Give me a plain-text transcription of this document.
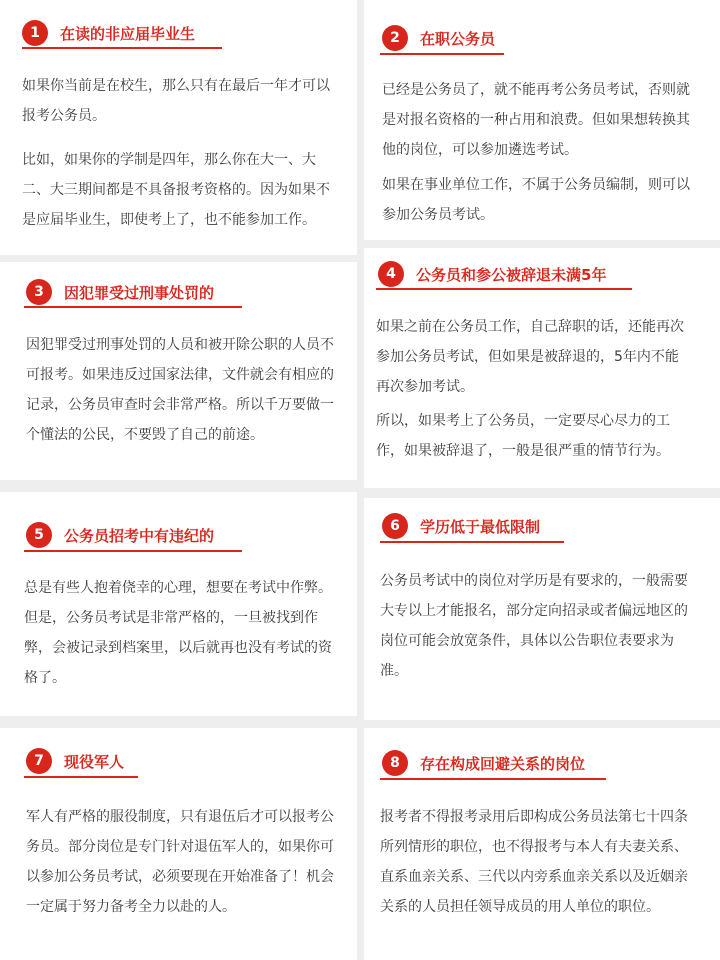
1	在读的非应届毕业生

如果你当前是在校生，那么只有在最后一年才可以
报考公务员。

比如，如果你的学制是四年，那么你在大一、大
二、大三期间都是不具备报考资格的。因为如果不
是应届毕业生，即使考上了，也不能参加工作。

2	在职公务员

已经是公务员了，就不能再考公务员考试，否则就
是对报名资格的一种占用和浪费。但如果想转换其
他的岗位，可以参加遴选考试。

如果在事业单位工作，不属于公务员编制，则可以
参加公务员考试。

3	因犯罪受过刑事处罚的

因犯罪受过刑事处罚的人员和被开除公职的人员不
可报考。如果违反过国家法律，文件就会有相应的
记录，公务员审查时会非常严格。所以千万要做一
个懂法的公民，不要毁了自己的前途。

4	公务员和参公被辞退未满5年

如果之前在公务员工作，自己辞职的话，还能再次
参加公务员考试，但如果是被辞退的，5年内不能
再次参加考试。

所以，如果考上了公务员，一定要尽心尽力的工
作，如果被辞退了，一般是很严重的情节行为。

5	公务员招考中有违纪的

总是有些人抱着侥幸的心理，想要在考试中作弊。
但是，公务员考试是非常严格的，一旦被找到作
弊，会被记录到档案里，以后就再也没有考试的资
格了。

6	学历低于最低限制

公务员考试中的岗位对学历是有要求的，一般需要
大专以上才能报名，部分定向招录或者偏远地区的
岗位可能会放宽条件，具体以公告职位表要求为
准。

7	现役军人

军人有严格的服役制度，只有退伍后才可以报考公
务员。部分岗位是专门针对退伍军人的，如果你可
以参加公务员考试，必须要现在开始准备了！机会
一定属于努力备考全力以赴的人。

8	存在构成回避关系的岗位

报考者不得报考录用后即构成公务员法第七十四条
所列情形的职位，也不得报考与本人有夫妻关系、
直系血亲关系、三代以内旁系血亲关系以及近姻亲
关系的人员担任领导成员的用人单位的职位。
